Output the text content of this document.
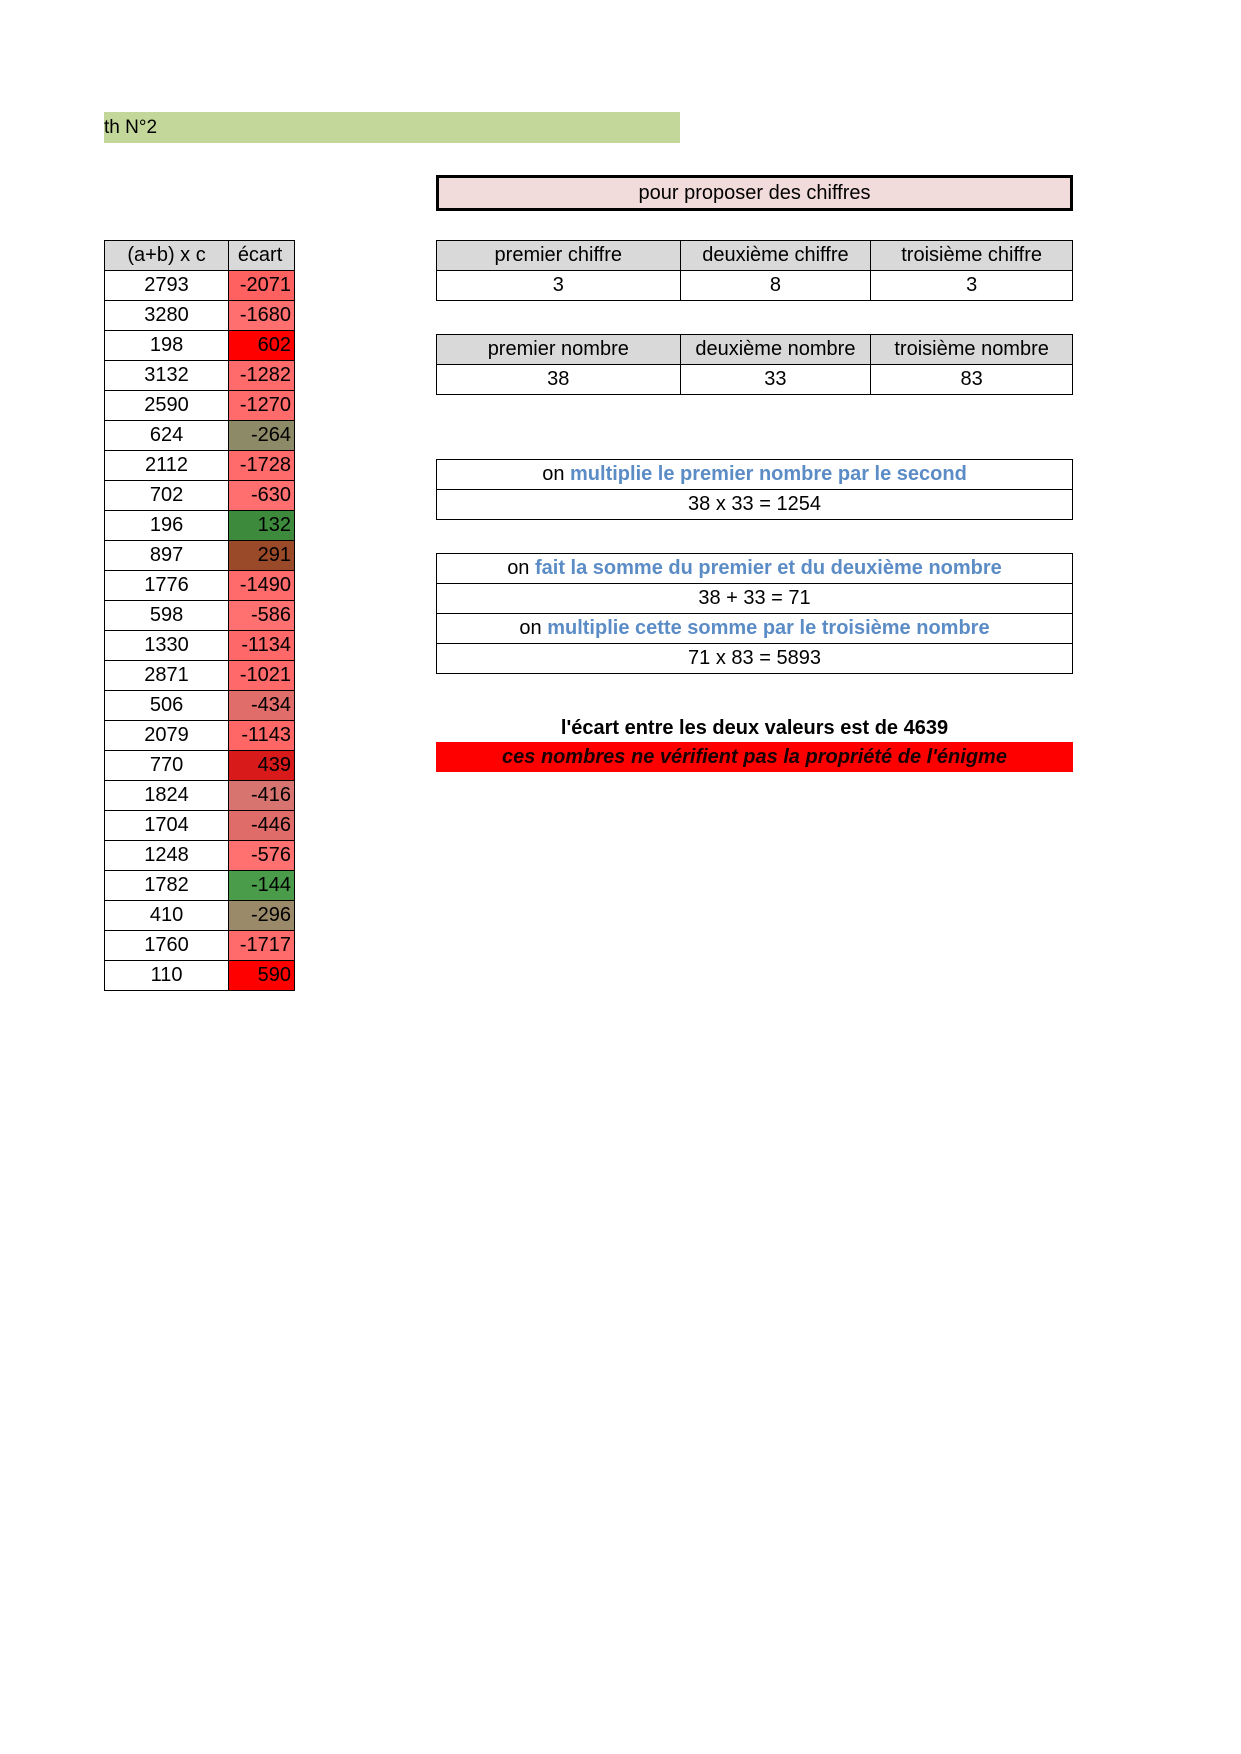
th N°2
pour proposer des chiffres
(a+b) x c	écart
2793	-2071
3280	-1680
198	602
3132	-1282
2590	-1270
624	-264
2112	-1728
702	-630
196	132
897	291
1776	-1490
598	-586
1330	-1134
2871	-1021
506	-434
2079	-1143
770	439
1824	-416
1704	-446
1248	-576
1782	-144
410	-296
1760	-1717
110	590
premier chiffre	deuxième chiffre	troisième chiffre
3	8	3
premier nombre	deuxième nombre	troisième nombre
38	33	83
on multiplie le premier nombre par le second
38 x 33 = 1254
on fait la somme du premier et du deuxième nombre
38 + 33 = 71
on multiplie cette somme par le troisième nombre
71 x 83 = 5893
l'écart entre les deux valeurs est de 4639
ces nombres ne vérifient pas la propriété de l'énigme
